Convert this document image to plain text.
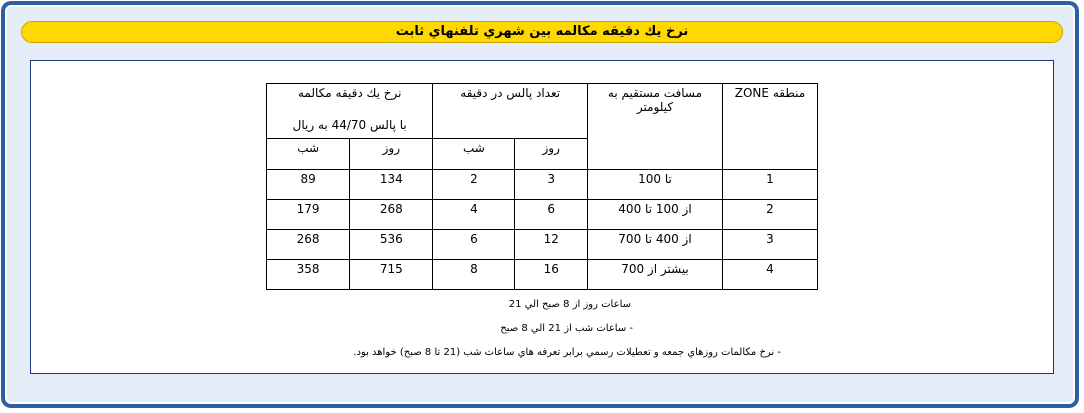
نرخ يك دقيقه مكالمه بين شهري تلفنهاي ثابت
منطقه ZONE	مسافت مستقيم به كيلومتر	تعداد پالس در دقيقه		نرخ يك دقيقه مكالمه
با پالس 44/70 به ريال	

		روز	شب	روز	شب
1	تا 100	3	2	134	89
2	از 100 تا 400	6	4	268	179
3	از 400 تا 700	12	6	536	268
4	بيشتر از 700	16	8	715	358
ساعات روز از 8 صبح الي 21
- ساعات شب از 21 الي 8 صبح
- نرخ مكالمات روزهاي جمعه و تعطيلات رسمي برابر تعرفه هاي ساعات شب (21 تا 8 صبح) خواهد بود.
